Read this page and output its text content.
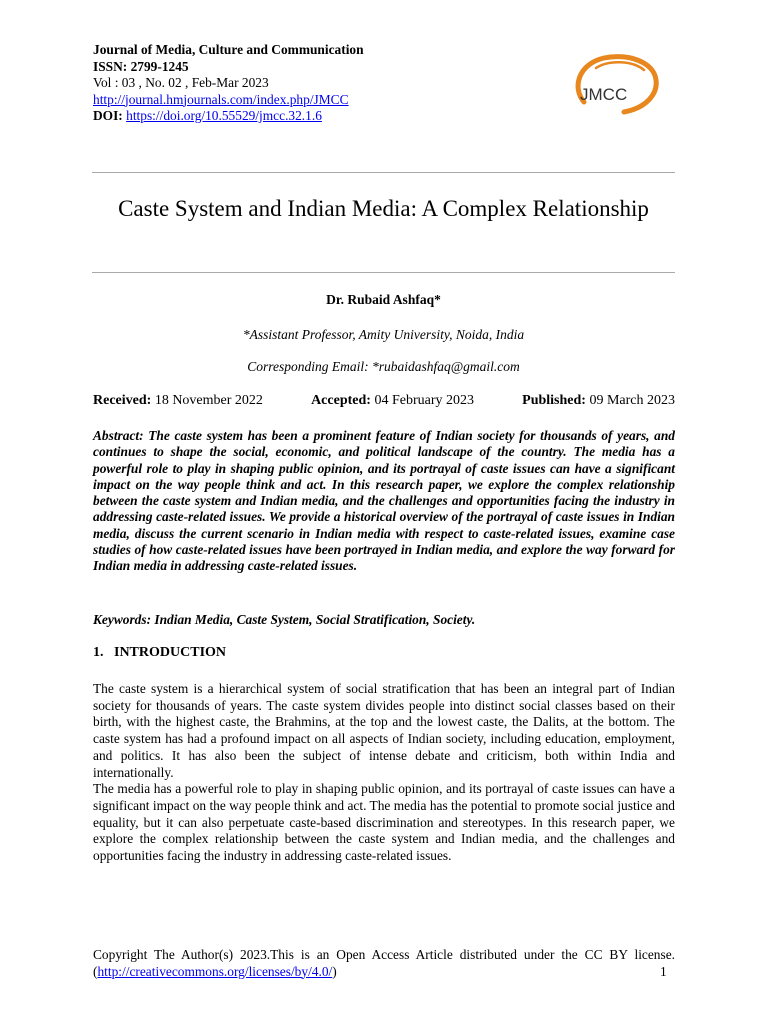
Journal of Media, Culture and Communication
ISSN: 2799-1245
Vol : 03 , No. 02 , Feb-Mar 2023
http://journal.hmjournals.com/index.php/JMCC
DOI: https://doi.org/10.55529/jmcc.32.1.6
JMCC
Caste System and Indian Media: A Complex Relationship
Dr. Rubaid Ashfaq*
*Assistant Professor, Amity University, Noida, India
Corresponding Email: *rubaidashfaq@gmail.com
Received: 18 November 2022	Accepted: 04 February 2023	Published: 09 March 2023
Abstract: The caste system has been a prominent feature of Indian society for thousands of years, and continues to shape the social, economic, and political landscape of the country. The media has a powerful role to play in shaping public opinion, and its portrayal of caste issues can have a significant impact on the way people think and act. In this research paper, we explore the complex relationship between the caste system and Indian media, and the challenges and opportunities facing the industry in addressing caste-related issues. We provide a historical overview of the portrayal of caste issues in Indian media, discuss the current scenario in Indian media with respect to caste-related issues, examine case studies of how caste-related issues have been portrayed in Indian media, and explore the way forward for Indian media in addressing caste-related issues.
Keywords: Indian Media, Caste System, Social Stratification, Society.
1.   INTRODUCTION

The caste system is a hierarchical system of social stratification that has been an integral part of Indian society for thousands of years. The caste system divides people into distinct social classes based on their birth, with the highest caste, the Brahmins, at the top and the lowest caste, the Dalits, at the bottom. The caste system has had a profound impact on all aspects of Indian society, including education, employment, and politics. It has also been the subject of intense debate and criticism, both within India and internationally.

The media has a powerful role to play in shaping public opinion, and its portrayal of caste issues can have a significant impact on the way people think and act. The media has the potential to promote social justice and equality, but it can also perpetuate caste-based discrimination and stereotypes. In this research paper, we explore the complex relationship between the caste system and Indian media, and the challenges and opportunities facing the industry in addressing caste-related issues.

Copyright The Author(s) 2023.This is an Open Access Article distributed under the CC BY license. (http://creativecommons.org/licenses/by/4.0/)	1
